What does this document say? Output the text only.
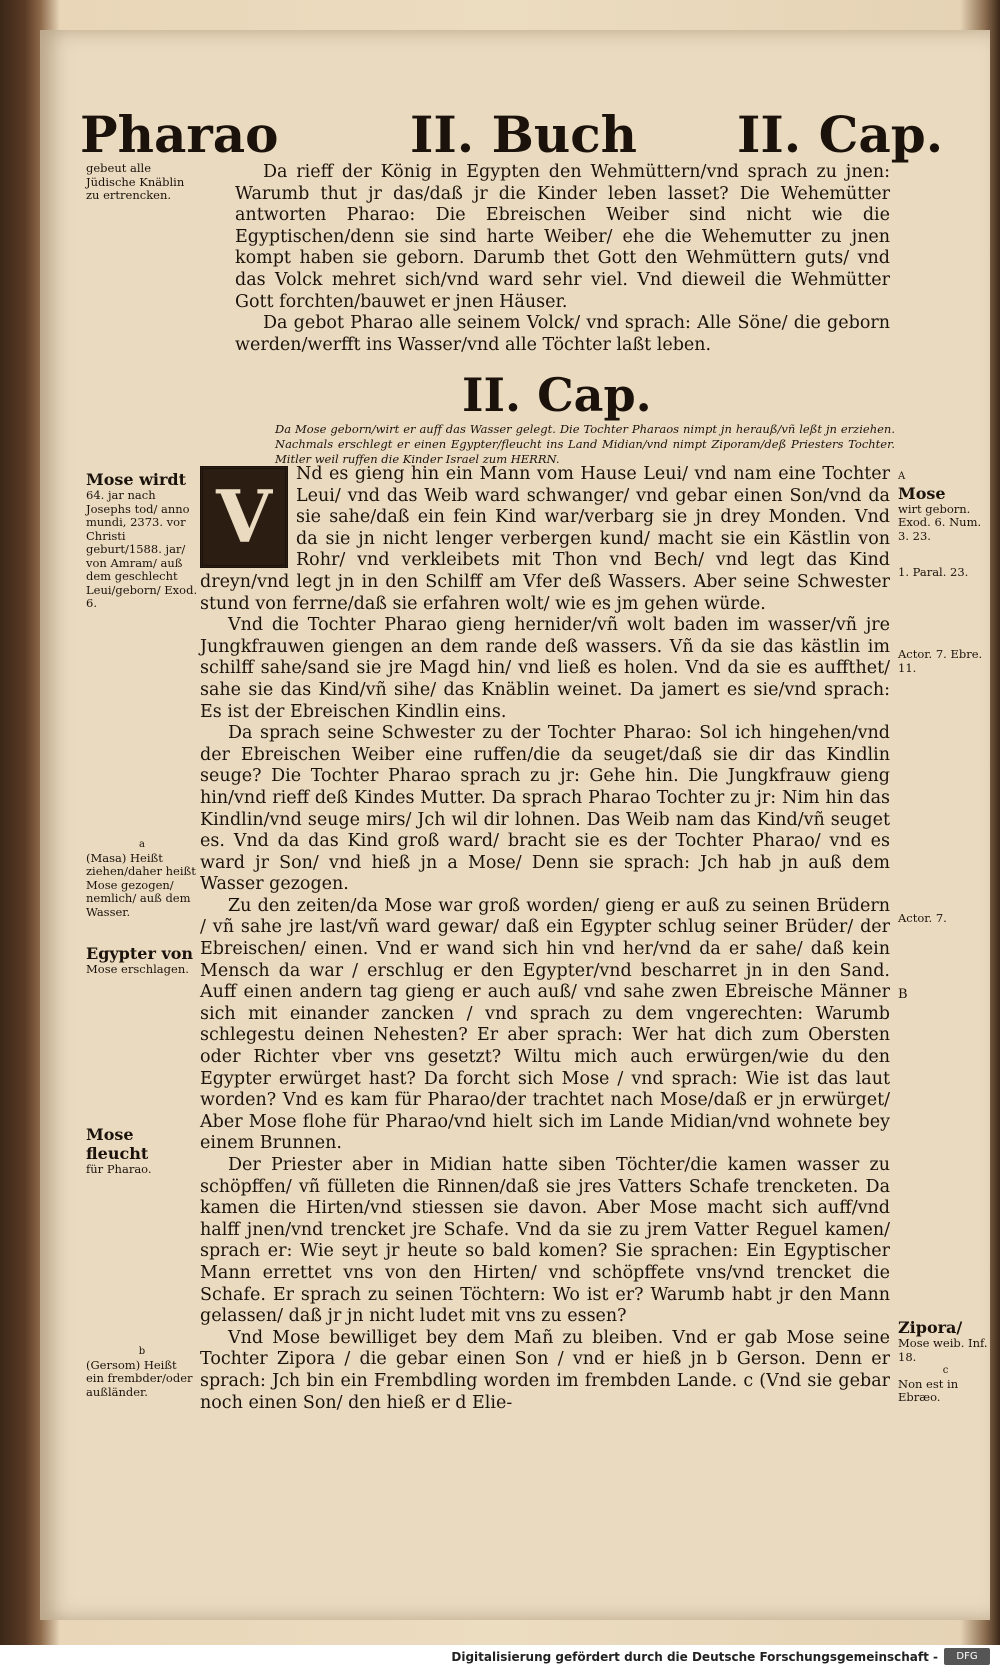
Pharao	II. Buch II. Cap.

Da rieff der König in Egypten den Wehmüttern/vnd sprach zu jnen: Warumb thut jr das/daß jr die Kinder leben lasset? Die Wehemütter antworten Pharao: Die Ebreischen Weiber sind nicht wie die Egyptischen/denn sie sind harte Weiber/ ehe die Wehemutter zu jnen kompt haben sie geborn. Darumb thet Gott den Wehmüttern guts/ vnd das Volck mehret sich/vnd ward sehr viel. Vnd dieweil die Wehmütter Gott forchten/bauwet er jnen Häuser.

Da gebot Pharao alle seinem Volck/ vnd sprach: Alle Söne/ die geborn werden/werfft ins Wasser/vnd alle Töchter laßt leben.

II. Cap.
Da Mose geborn/wirt er auff das Wasser gelegt. Die Tochter Pharaos nimpt jn herauß/vñ leßt jn erziehen. Nachmals erschlegt er einen Egypter/fleucht ins Land Midian/vnd nimpt Ziporam/deß Priesters Tochter. Mitler weil ruffen die Kinder Israel zum HERRN.

V	Nd es gieng hin ein Mann vom Hause Leui/ vnd nam eine Tochter Leui/ vnd das Weib ward schwanger/ vnd gebar einen Son/vnd da sie sahe/daß ein fein Kind war/verbarg sie jn drey Monden. Vnd da sie jn nicht lenger verbergen kund/ macht sie ein Kästlin von Rohr/ vnd verkleibets mit Thon vnd Bech/ vnd legt das Kind dreyn/vnd legt jn in den Schilff am Vfer deß Wassers. Aber seine Schwester stund von ferrne/daß sie erfahren wolt/ wie es jm gehen würde.

Vnd die Tochter Pharao gieng hernider/vñ wolt baden im wasser/vñ jre Jungkfrauwen giengen an dem rande deß wassers. Vñ da sie das kästlin im schilff sahe/sand sie jre Magd hin/ vnd ließ es holen. Vnd da sie es auffthet/ sahe sie das Kind/vñ sihe/ das Knäblin weinet. Da jamert es sie/vnd sprach: Es ist der Ebreischen Kindlin eins.

Da sprach seine Schwester zu der Tochter Pharao: Sol ich hingehen/vnd der Ebreischen Weiber eine ruffen/die da seuget/daß sie dir das Kindlin seuge? Die Tochter Pharao sprach zu jr: Gehe hin. Die Jungkfrauw gieng hin/vnd rieff deß Kindes Mutter. Da sprach Pharao Tochter zu jr: Nim hin das Kindlin/vnd seuge mirs/ Jch wil dir lohnen. Das Weib nam das Kind/vñ seuget es. Vnd da das Kind groß ward/ bracht sie es der Tochter Pharao/ vnd es ward jr Son/ vnd hieß jn a Mose/ Denn sie sprach: Jch hab jn auß dem Wasser gezogen.

Zu den zeiten/da Mose war groß worden/ gieng er auß zu seinen Brüdern / vñ sahe jre last/vñ ward gewar/ daß ein Egypter schlug seiner Brüder/ der Ebreischen/ einen. Vnd er wand sich hin vnd her/vnd da er sahe/ daß kein Mensch da war / erschlug er den Egypter/vnd bescharret jn in den Sand. Auff einen andern tag gieng er auch auß/ vnd sahe zwen Ebreische Männer sich mit einander zancken / vnd sprach zu dem vngerechten: Warumb schlegestu deinen Nehesten? Er aber sprach: Wer hat dich zum Obersten oder Richter vber vns gesetzt? Wiltu mich auch erwürgen/wie du den Egypter erwürget hast? Da forcht sich Mose / vnd sprach: Wie ist das laut worden? Vnd es kam für Pharao/der trachtet nach Mose/daß er jn erwürget/ Aber Mose flohe für Pharao/vnd hielt sich im Lande Midian/vnd wohnete bey einem Brunnen.

Der Priester aber in Midian hatte siben Töchter/die kamen wasser zu schöpffen/ vñ fülleten die Rinnen/daß sie jres Vatters Schafe trencketen. Da kamen die Hirten/vnd stiessen sie davon. Aber Mose macht sich auff/vnd halff jnen/vnd trencket jre Schafe. Vnd da sie zu jrem Vatter Reguel kamen/ sprach er: Wie seyt jr heute so bald komen? Sie sprachen: Ein Egyptischer Mann errettet vns von den Hirten/ vnd schöpffete vns/vnd trencket die Schafe. Er sprach zu seinen Töchtern: Wo ist er? Warumb habt jr den Mann gelassen/ daß jr jn nicht ludet mit vns zu essen?

Vnd Mose bewilliget bey dem Mañ zu bleiben. Vnd er gab Mose seine Tochter Zipora / die gebar einen Son / vnd er hieß jn b Gerson. Denn er sprach: Jch bin ein Frembdling worden im frembden Lande. c (Vnd sie gebar noch einen Son/ den hieß er d Elie-

gebeut alle Jüdische Knäblin zu ertrencken.
Mose wirdt
64. jar nach Josephs tod/ anno mundi, 2373. vor Christi geburt/1588. jar/ von Amram/ auß dem geschlecht Leui/geborn/ Exod. 6.
a
(Masa) Heißt ziehen/daher heißt Mose gezogen/ nemlich/ auß dem Wasser.
Egypter von
Mose erschlagen.
Mose fleucht
für Pharao.
b
(Gersom) Heißt ein frembder/oder außländer.
A
Mose
wirt geborn. Exod. 6. Num. 3. 23.
1. Paral. 23.
Actor. 7. Ebre. 11.
Actor. 7.
B
Zipora/
Mose weib. Inf. 18.
c
Non est in Ebræo.
Digitalisierung gefördert durch die Deutsche Forschungsgemeinschaft -	DFG
